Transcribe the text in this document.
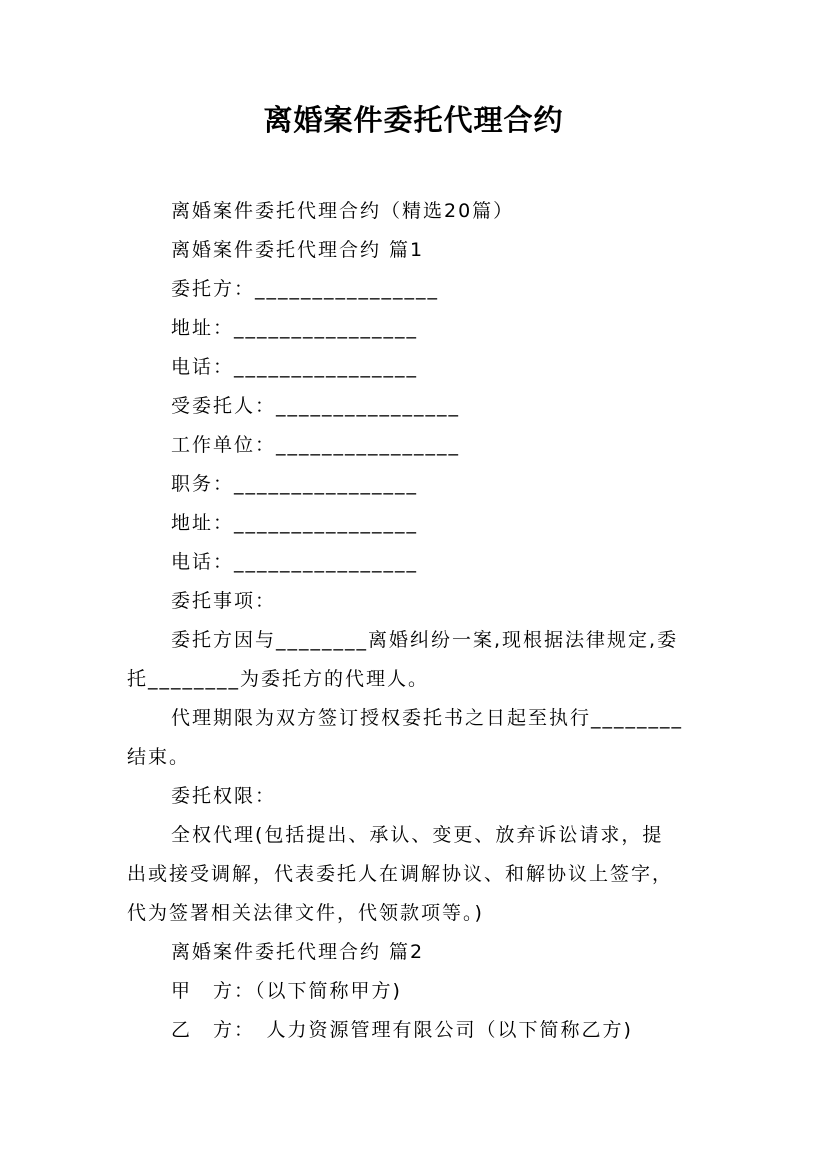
离婚案件委托代理合约
离婚案件委托代理合约（精选20篇）
离婚案件委托代理合约 篇1
委托方：________________
地址：________________
电话：________________
受委托人：________________
工作单位：________________
职务：________________
地址：________________
电话：________________
委托事项：
委托方因与________离婚纠纷一案,现根据法律规定,委
托________为委托方的代理人。
代理期限为双方签订授权委托书之日起至执行________
结束。
委托权限：
全权代理(包括提出、承认、变更、放弃诉讼请求，提
出或接受调解，代表委托人在调解协议、和解协议上签字，
代为签署相关法律文件，代领款项等。)
离婚案件委托代理合约 篇2
甲　方：（以下简称甲方)
乙　方：　人力资源管理有限公司（以下简称乙方)
